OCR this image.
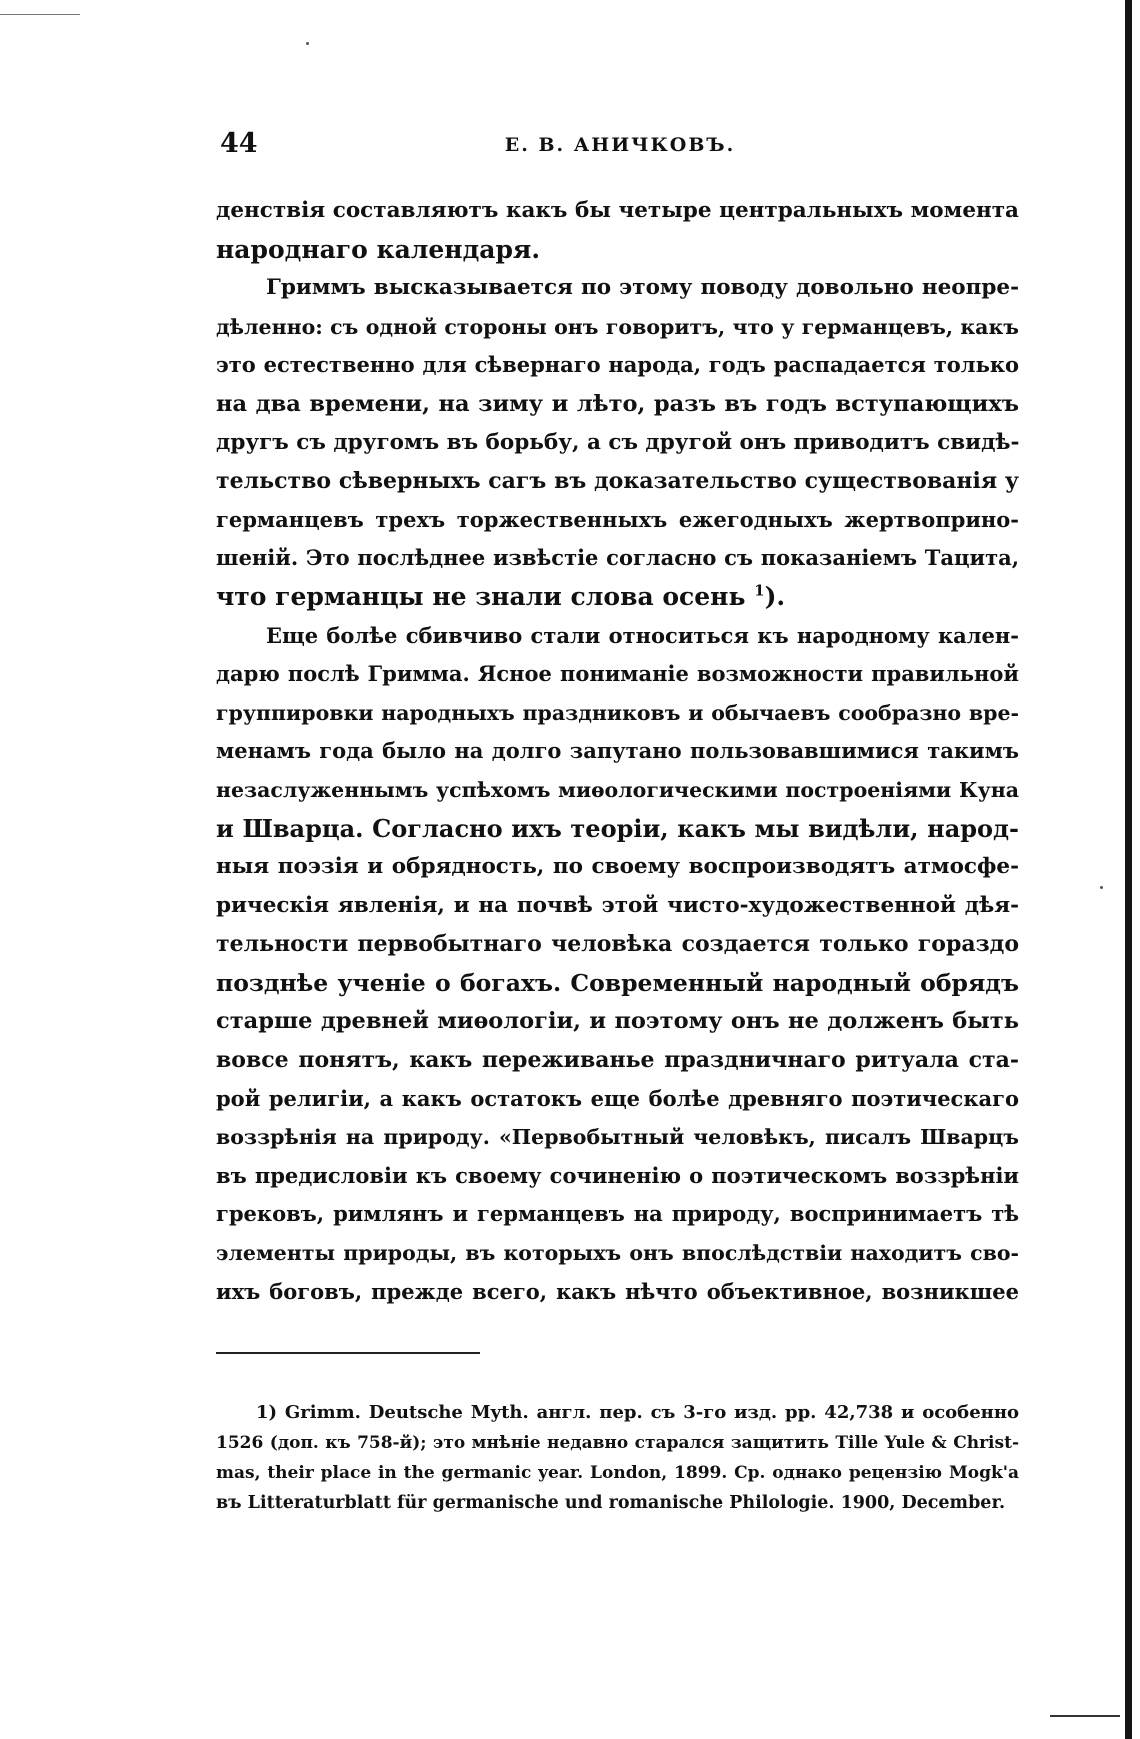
44	Е. В. АНИЧКОВЪ.
денствія составляютъ какъ бы четыре центральныхъ момента
народнаго календаря.
Гриммъ высказывается по этому поводу довольно неопре-
дѣленно: съ одной стороны онъ говоритъ, что у германцевъ, какъ
это естественно для сѣвернаго народа, годъ распадается только
на два времени, на зиму и лѣто, разъ въ годъ вступающихъ
другъ съ другомъ въ борьбу, а съ другой онъ приводитъ свидѣ-
тельство сѣверныхъ сагъ въ доказательство существованія у
германцевъ трехъ торжественныхъ ежегодныхъ жертвоприно-
шеній. Это послѣднее извѣстіе согласно съ показаніемъ Тацита,
что германцы не знали слова осень $^1$).
Еще болѣе сбивчиво стали относиться къ народному кален-
дарю послѣ Гримма. Ясное пониманіе возможности правильной
группировки народныхъ праздниковъ и обычаевъ сообразно вре-
менамъ года было на долго запутано пользовавшимися такимъ
незаслуженнымъ успѣхомъ миѳологическими построеніями Куна
и Шварца. Согласно ихъ теоріи, какъ мы видѣли, народ-
ныя поэзія и обрядность, по своему воспроизводятъ атмосфе-
рическія явленія, и на почвѣ этой чисто-художественной дѣя-
тельности первобытнаго человѣка создается только гораздо
позднѣе ученіе о богахъ. Современный народный обрядъ
старше древней миѳологіи, и поэтому онъ не долженъ быть
вовсе понятъ, какъ переживанье праздничнаго ритуала ста-
рой религіи, а какъ остатокъ еще болѣе древняго поэтическаго
воззрѣнія на природу. «Первобытный человѣкъ, писалъ Шварцъ
въ предисловіи къ своему сочиненію о поэтическомъ воззрѣніи
грековъ, римлянъ и германцевъ на природу, воспринимаетъ тѣ
элементы природы, въ которыхъ онъ впослѣдствіи находитъ сво-
ихъ боговъ, прежде всего, какъ нѣчто объективное, возникшее
1) Grimm. Deutsche Myth. англ. пер. съ 3-го изд. pp. 42,738 и особенно
1526 (доп. къ 758-й); это мнѣніе недавно старался защитить Tille Yule & Christ-
mas, their place in the germanic year. London, 1899. Ср. однако рецензію Mogk'а
въ Litteraturblatt für germanische und romanische Philologie. 1900, December.
